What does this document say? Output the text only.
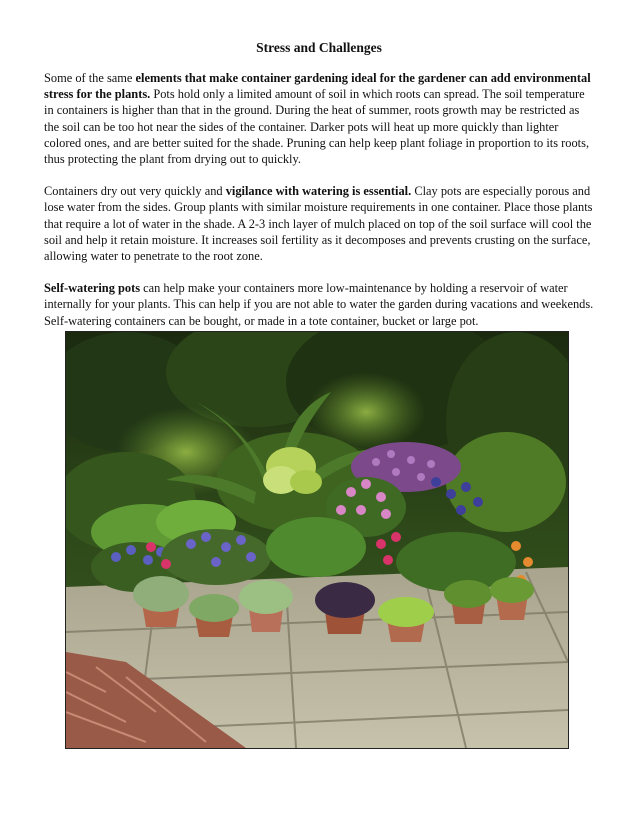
Stress and Challenges

Some of the same elements that make container gardening ideal for the gardener can add environmental stress for the plants. Pots hold only a limited amount of soil in which roots can spread. The soil temperature in containers is higher than that in the ground. During the heat of summer, roots growth may be restricted as the soil can be too hot near the sides of the container. Darker pots will heat up more quickly than lighter colored ones, and are better suited for the shade. Pruning can help keep plant foliage in proportion to its roots, thus protecting the plant from drying out to quickly.

Containers dry out very quickly and vigilance with watering is essential. Clay pots are especially porous and lose water from the sides. Group plants with similar moisture requirements in one container. Place those plants that require a lot of water in the shade. A 2-3 inch layer of mulch placed on top of the soil surface will cool the soil and help it retain moisture. It increases soil fertility as it decomposes and prevents crusting on the surface, allowing water to penetrate to the root zone.

Self-watering pots can help make your containers more low-maintenance by holding a reservoir of water internally for your plants. This can help if you are not able to water the garden during vacations and weekends. Self-watering containers can be bought, or made in a tote container, bucket or large pot.
